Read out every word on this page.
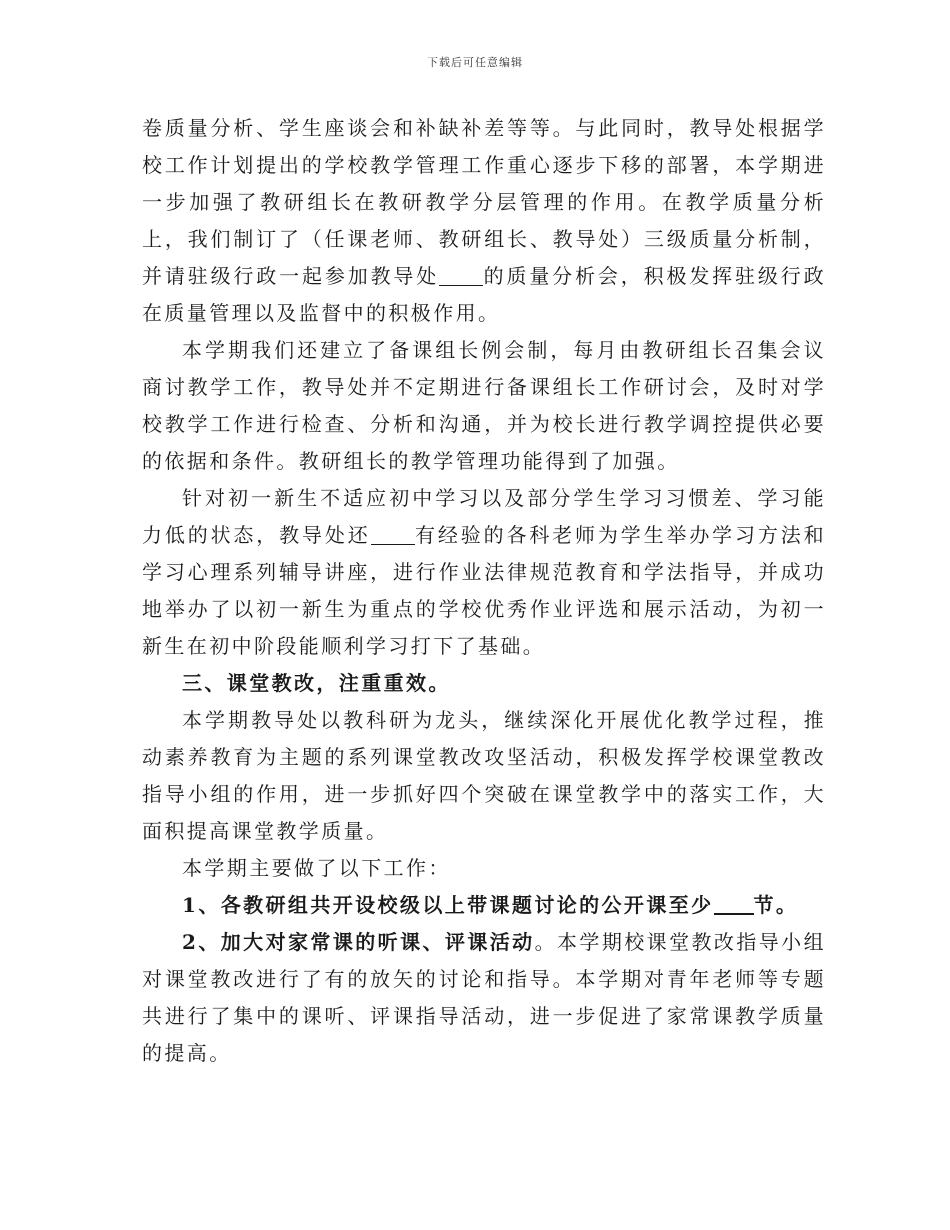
下载后可任意编辑

卷质量分析、学生座谈会和补缺补差等等。与此同时，教导处根据学校工作计划提出的学校教学管理工作重心逐步下移的部署，本学期进一步加强了教研组长在教研教学分层管理的作用。在教学质量分析上，我们制订了（任课老师、教研组长、教导处）三级质量分析制，并请驻级行政一起参加教导处 的质量分析会，积极发挥驻级行政在质量管理以及监督中的积极作用。

本学期我们还建立了备课组长例会制，每月由教研组长召集会议商讨教学工作，教导处并不定期进行备课组长工作研讨会，及时对学校教学工作进行检查、分析和沟通，并为校长进行教学调控提供必要的依据和条件。教研组长的教学管理功能得到了加强。

针对初一新生不适应初中学习以及部分学生学习习惯差、学习能力低的状态，教导处还 有经验的各科老师为学生举办学习方法和学习心理系列辅导讲座，进行作业法律规范教育和学法指导，并成功地举办了以初一新生为重点的学校优秀作业评选和展示活动，为初一新生在初中阶段能顺利学习打下了基础。

三、课堂教改，注重重效。

本学期教导处以教科研为龙头，继续深化开展优化教学过程，推动素养教育为主题的系列课堂教改攻坚活动，积极发挥学校课堂教改指导小组的作用，进一步抓好四个突破在课堂教学中的落实工作，大面积提高课堂教学质量。

本学期主要做了以下工作：

1、各教研组共开设校级以上带课题讨论的公开课至少 节。

2、加大对家常课的听课、评课活动。本学期校课堂教改指导小组对课堂教改进行了有的放矢的讨论和指导。本学期对青年老师等专题共进行了集中的课听、评课指导活动，进一步促进了家常课教学质量的提高。
